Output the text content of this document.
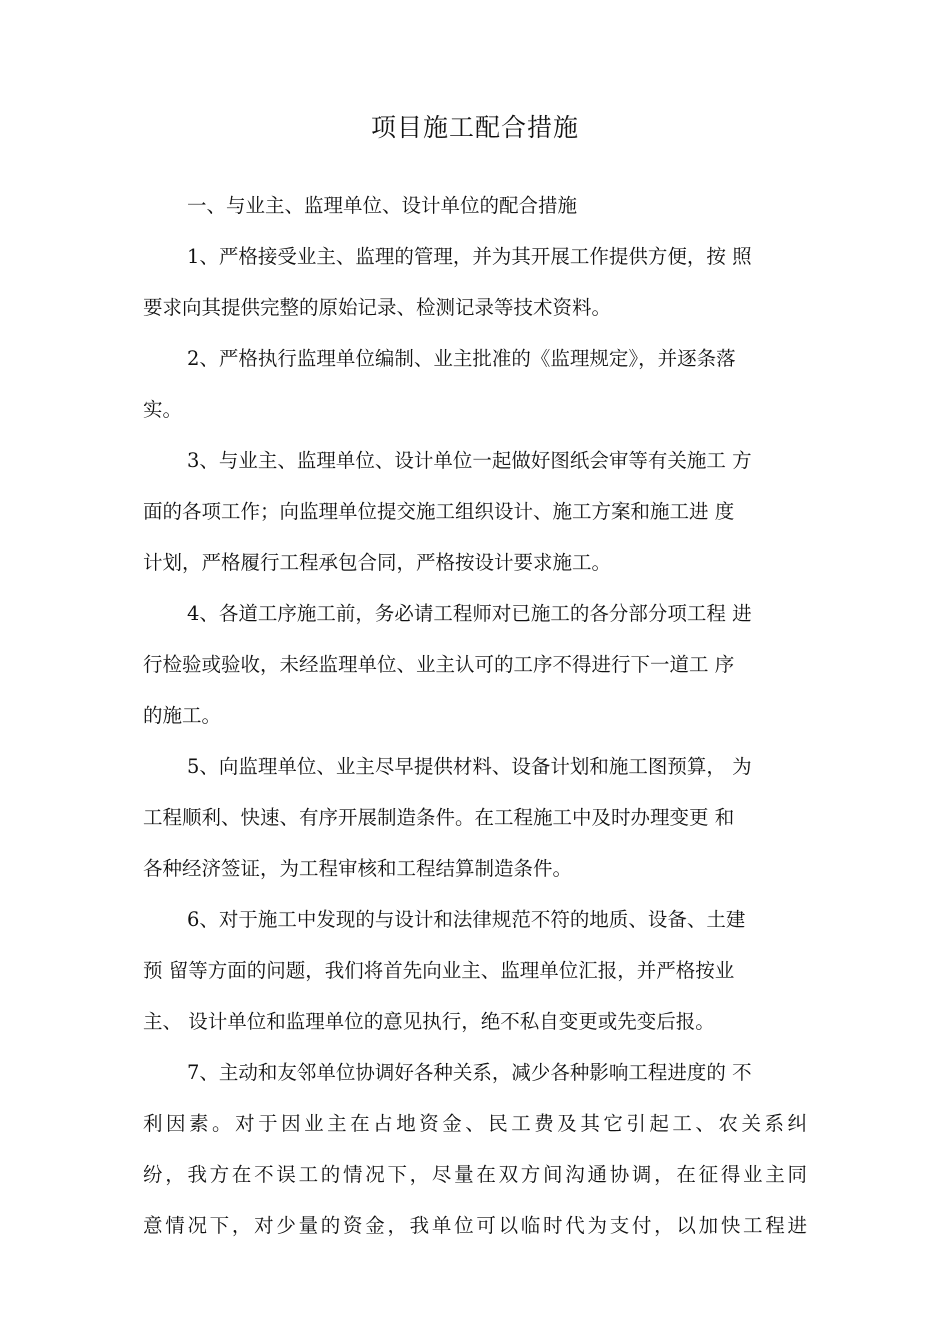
项目施工配合措施

一、与业主、监理单位、设计单位的配合措施

1、严格接受业主、监理的管理，并为其开展工作提供方便，按 照
要求向其提供完整的原始记录、检测记录等技术资料。

2、严格执行监理单位编制、业主批准的《监理规定》，并逐条落
实。

3、与业主、监理单位、设计单位一起做好图纸会审等有关施工 方
面的各项工作；向监理单位提交施工组织设计、施工方案和施工进 度
计划，严格履行工程承包合同，严格按设计要求施工。

4、各道工序施工前，务必请工程师对已施工的各分部分项工程 进
行检验或验收，未经监理单位、业主认可的工序不得进行下一道工 序
的施工。

5、向监理单位、业主尽早提供材料、设备计划和施工图预算， 为
工程顺利、快速、有序开展制造条件。在工程施工中及时办理变更 和
各种经济签证，为工程审核和工程结算制造条件。

6、对于施工中发现的与设计和法律规范不符的地质、设备、土建
预 留等方面的问题，我们将首先向业主、监理单位汇报，并严格按业
主、 设计单位和监理单位的意见执行，绝不私自变更或先变后报。

7、主动和友邻单位协调好各种关系，减少各种影响工程进度的 不
利因素。对于因业主在占地资金、民工费及其它引起工、农关系纠
纷，我方在不误工的情况下，尽量在双方间沟通协调，在征得业主同
意情况下，对少量的资金，我单位可以临时代为支付，以加快工程进
